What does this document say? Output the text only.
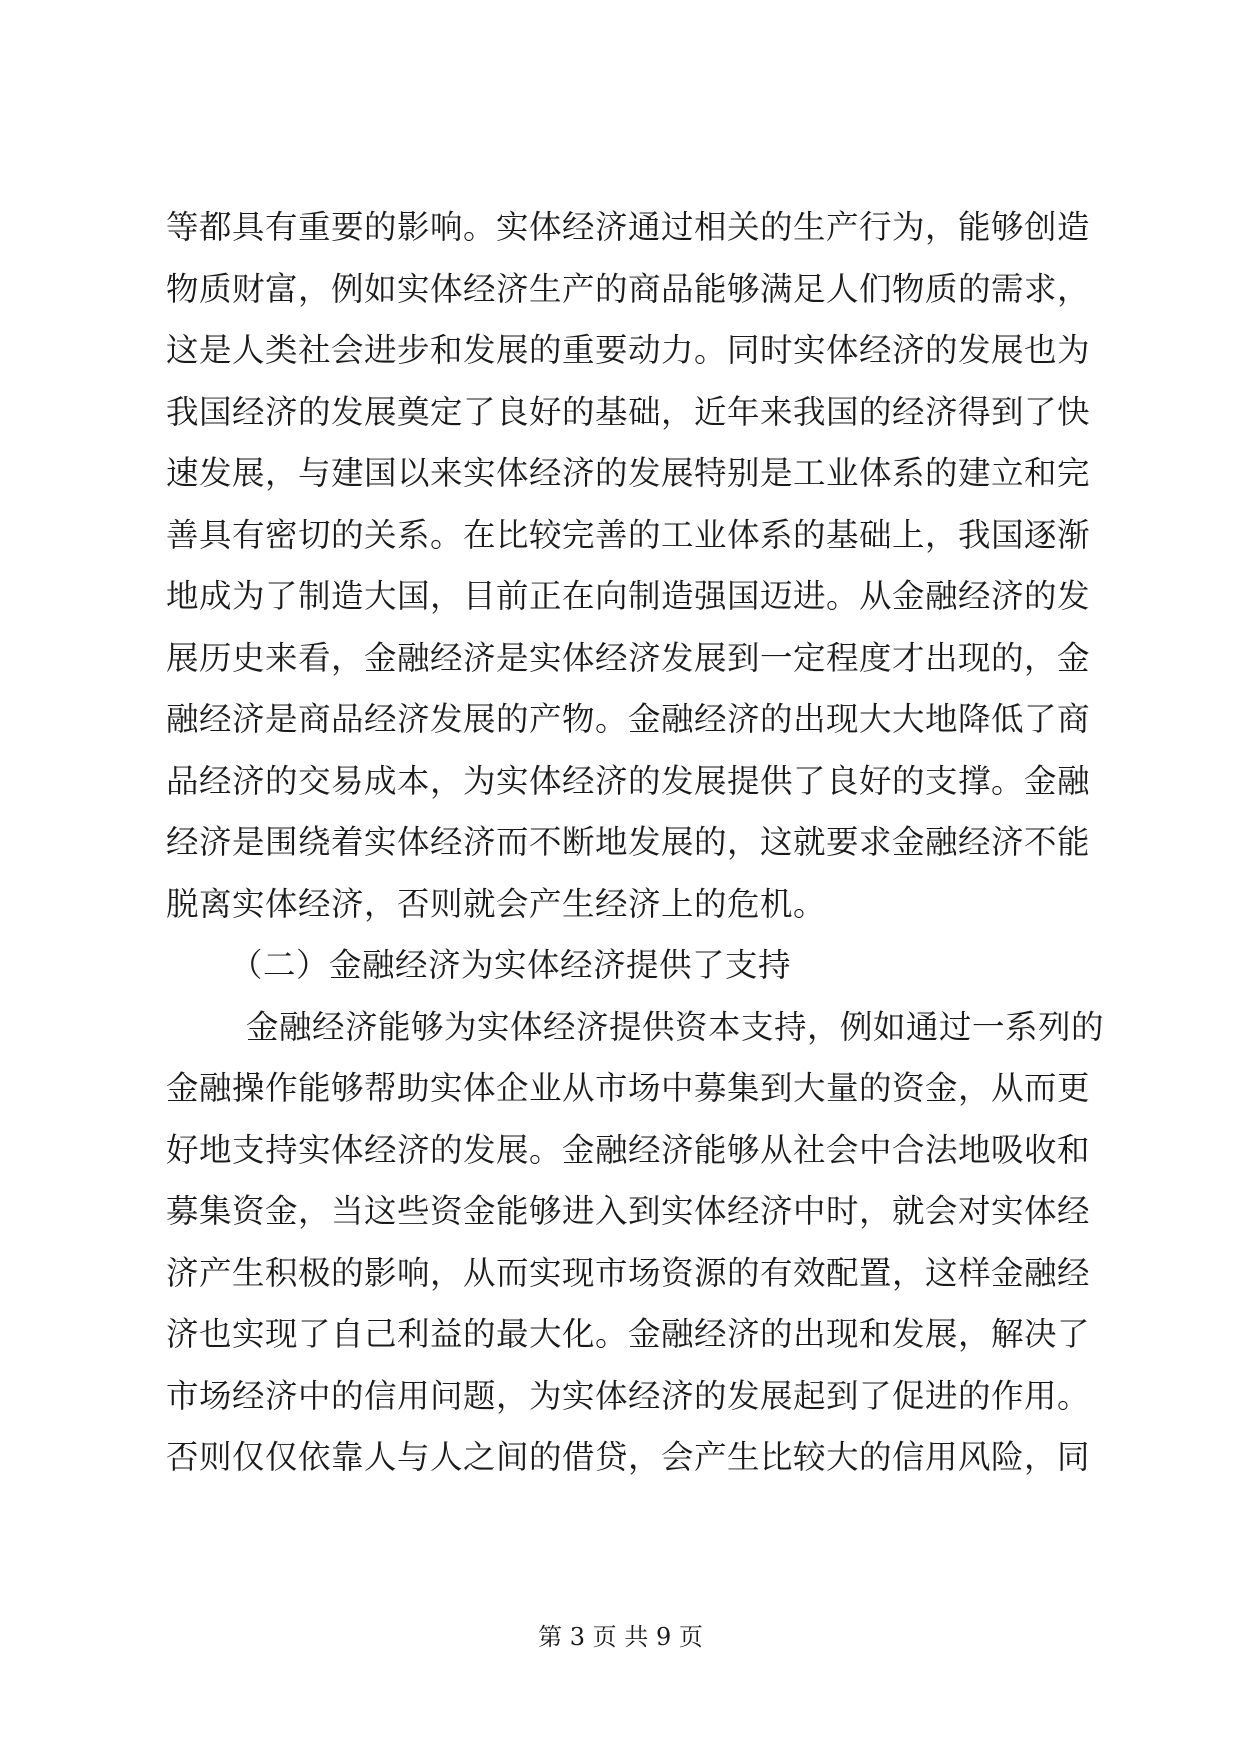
等都具有重要的影响。实体经济通过相关的生产行为，能够创造
物质财富，例如实体经济生产的商品能够满足人们物质的需求，
这是人类社会进步和发展的重要动力。同时实体经济的发展也为
我国经济的发展奠定了良好的基础，近年来我国的经济得到了快
速发展，与建国以来实体经济的发展特别是工业体系的建立和完
善具有密切的关系。在比较完善的工业体系的基础上，我国逐渐
地成为了制造大国，目前正在向制造强国迈进。从金融经济的发
展历史来看，金融经济是实体经济发展到一定程度才出现的，金
融经济是商品经济发展的产物。金融经济的出现大大地降低了商
品经济的交易成本，为实体经济的发展提供了良好的支撑。金融
经济是围绕着实体经济而不断地发展的，这就要求金融经济不能
脱离实体经济，否则就会产生经济上的危机。
（二）金融经济为实体经济提供了支持
金融经济能够为实体经济提供资本支持，例如通过一系列的
金融操作能够帮助实体企业从市场中募集到大量的资金，从而更
好地支持实体经济的发展。金融经济能够从社会中合法地吸收和
募集资金，当这些资金能够进入到实体经济中时，就会对实体经
济产生积极的影响，从而实现市场资源的有效配置，这样金融经
济也实现了自己利益的最大化。金融经济的出现和发展，解决了
市场经济中的信用问题，为实体经济的发展起到了促进的作用。
否则仅仅依靠人与人之间的借贷，会产生比较大的信用风险，同
第 3 页 共 9 页
